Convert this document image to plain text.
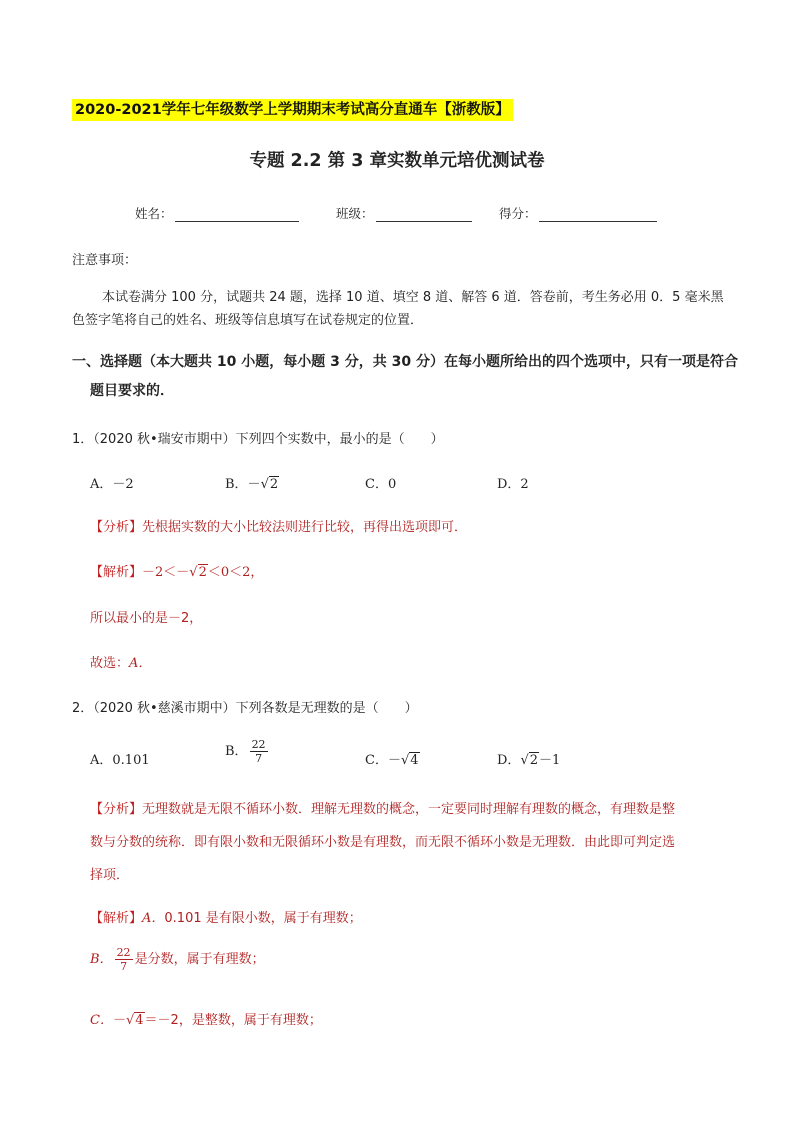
2020-2021学年七年级数学上学期期末考试高分直通车【浙教版】
专题 2.2 第 3 章实数单元培优测试卷
姓名：	班级：	得分：
注意事项：
本试卷满分 100 分，试题共 24 题，选择 10 道、填空 8 道、解答 6 道．答卷前，考生务必用 0．5 毫米黑
色签字笔将自己的姓名、班级等信息填写在试卷规定的位置．
一、选择题（本大题共 10 小题，每小题 3 分，共 30 分）在每小题所给出的四个选项中，只有一项是符合
题目要求的．
1．（2020 秋•瑞安市期中）下列四个实数中，最小的是（　　）
A．－2	B．－√2	C．0	D．2
【分析】先根据实数的大小比较法则进行比较，再得出选项即可．
【解析】－2＜－√2＜0＜2，
所以最小的是－2，
故选：A．
2．（2020 秋•慈溪市期中）下列各数是无理数的是（　　）
A．0.101
B． $\frac{22}{7}$	C．－√4	D．√2－1
【分析】无理数就是无限不循环小数．理解无理数的概念，一定要同时理解有理数的概念，有理数是整
数与分数的统称．即有限小数和无限循环小数是有理数，而无限不循环小数是无理数．由此即可判定选
择项．
【解析】A．0.101 是有限小数，属于有理数；
B． $\frac{22}{7}$ 是分数，属于有理数；
C．－√4＝－2，是整数，属于有理数；
